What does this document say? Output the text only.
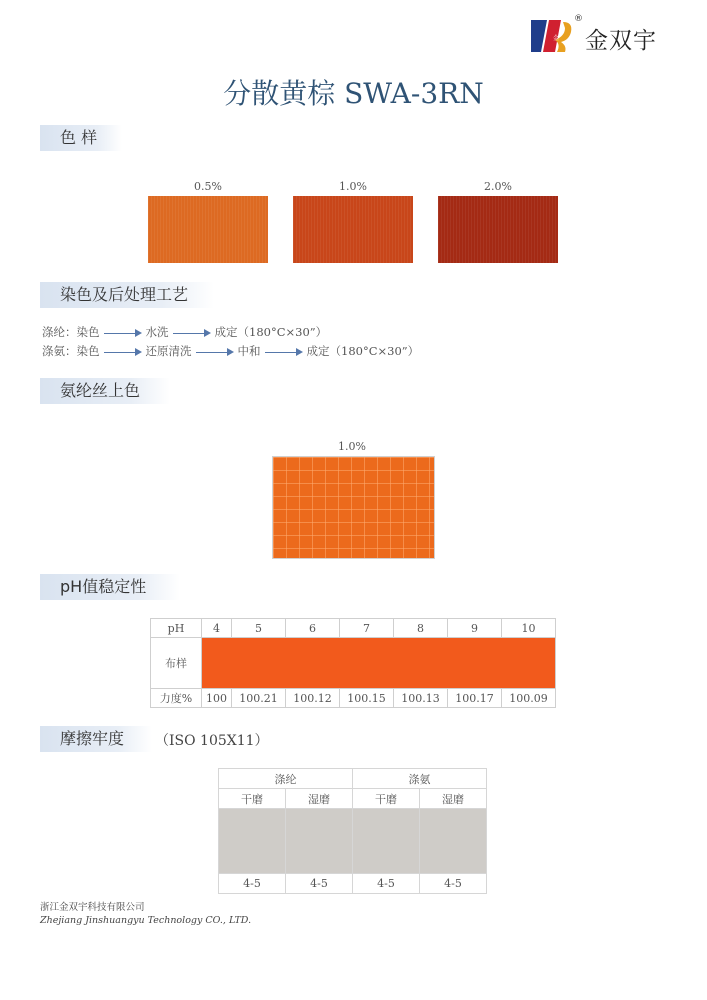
金
®
金双宇
分散黄棕 SWA-3RN
色 样
0.5%	1.0%	2.0%
染色及后处理工艺
涤纶：染色	水洗	成定（180°C×30”）
涤氨：染色	还原清洗	中和	成定（180°C×30”）
氨纶丝上色
1.0%
pH值稳定性
pH	4	5	6	7	8	9	10
布样							
力度%	100	100.21	100.12	100.15	100.13	100.17	100.09
摩擦牢度	（ISO 105X11）
涤纶		涤氨	
干磨	湿磨	干磨	湿磨

4-5	4-5	4-5	4-5
浙江金双宇科技有限公司
Zhejiang Jinshuangyu Technology CO., LTD.
